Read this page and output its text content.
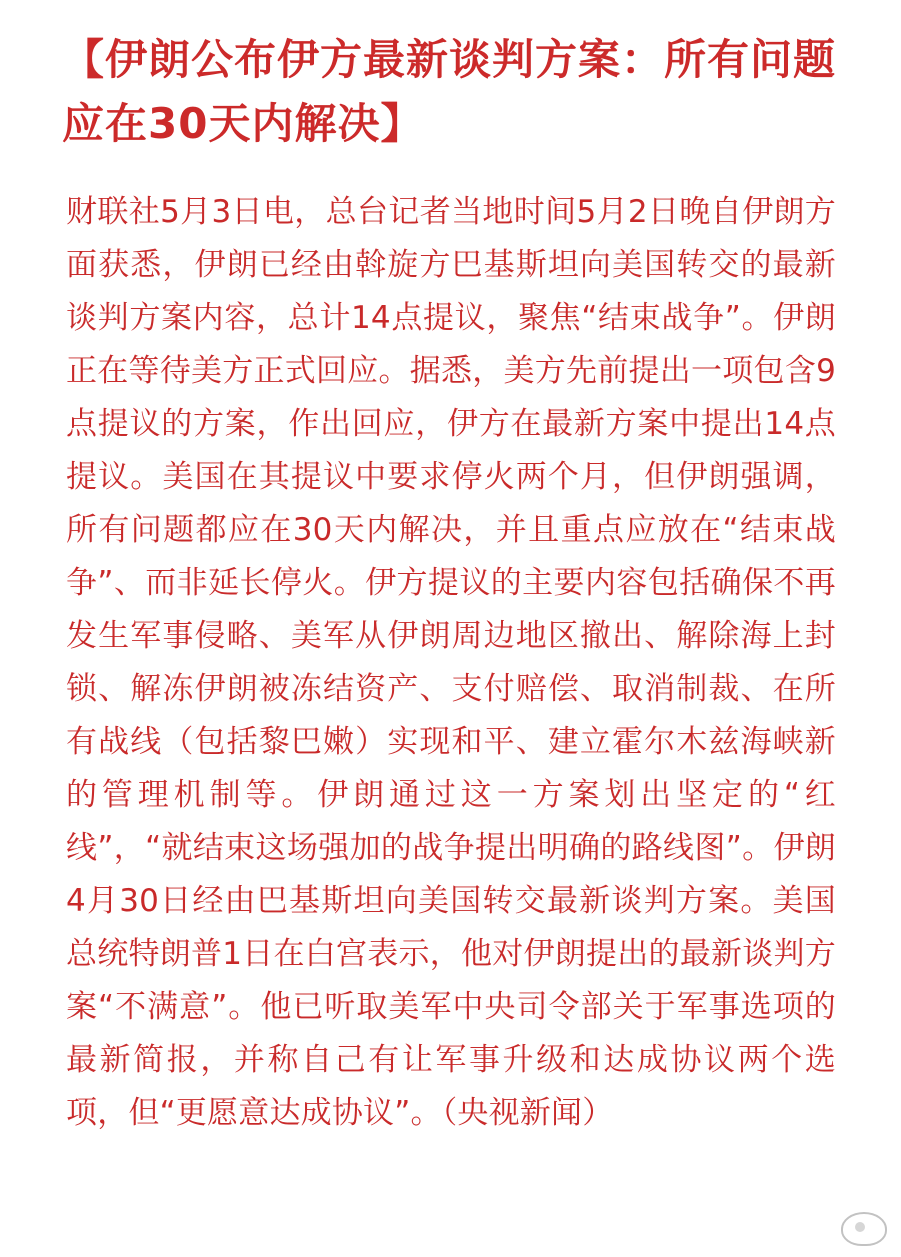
【伊朗公布伊方最新谈判方案：所有问题应在30天内解决】

财联社5月3日电，总台记者当地时间5月2日晚自伊朗方面获悉，伊朗已经由斡旋方巴基斯坦向美国转交的最新谈判方案内容，总计14点提议，聚焦“结束战争”。伊朗正在等待美方正式回应。据悉，美方先前提出一项包含9点提议的方案，作出回应，伊方在最新方案中提出14点提议。美国在其提议中要求停火两个月，但伊朗强调，所有问题都应在30天内解决，并且重点应放在“结束战争”、而非延长停火。伊方提议的主要内容包括确保不再发生军事侵略、美军从伊朗周边地区撤出、解除海上封锁、解冻伊朗被冻结资产、支付赔偿、取消制裁、在所有战线（包括黎巴嫩）实现和平、建立霍尔木兹海峡新的管理机制等。伊朗通过这一方案划出坚定的“红线”，“就结束这场强加的战争提出明确的路线图”。伊朗4月30日经由巴基斯坦向美国转交最新谈判方案。美国总统特朗普1日在白宫表示，他对伊朗提出的最新谈判方案“不满意”。他已听取美军中央司令部关于军事选项的最新简报，并称自己有让军事升级和达成协议两个选项，但“更愿意达成协议”。（央视新闻）
